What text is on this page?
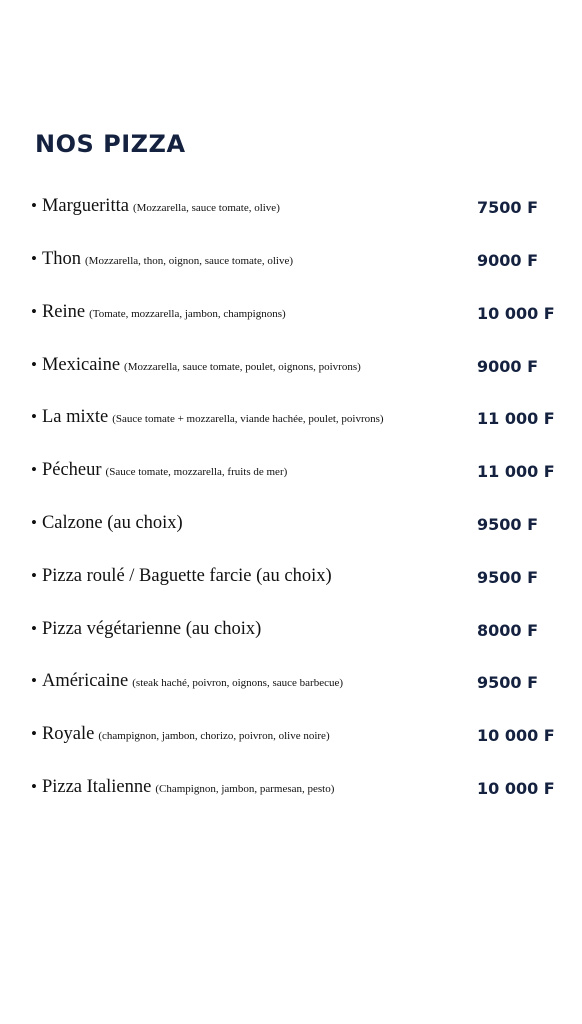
NOS PIZZA
• Margueritta (Mozzarella, sauce tomate, olive)	7500 F
• Thon (Mozzarella, thon, oignon, sauce tomate, olive)	9000 F
• Reine (Tomate, mozzarella, jambon, champignons)	10 000 F
• Mexicaine (Mozzarella, sauce tomate, poulet, oignons, poivrons)	9000 F
• La mixte (Sauce tomate + mozzarella, viande hachée, poulet, poivrons)	11 000 F
• Pécheur (Sauce tomate, mozzarella, fruits de mer)	11 000 F
• Calzone (au choix)	9500 F
• Pizza roulé / Baguette farcie (au choix)	9500 F
• Pizza végétarienne (au choix)	8000 F
• Américaine (steak haché, poivron, oignons, sauce barbecue)	9500 F
• Royale (champignon, jambon, chorizo, poivron, olive noire)	10 000 F
• Pizza Italienne (Champignon, jambon, parmesan, pesto)	10 000 F
